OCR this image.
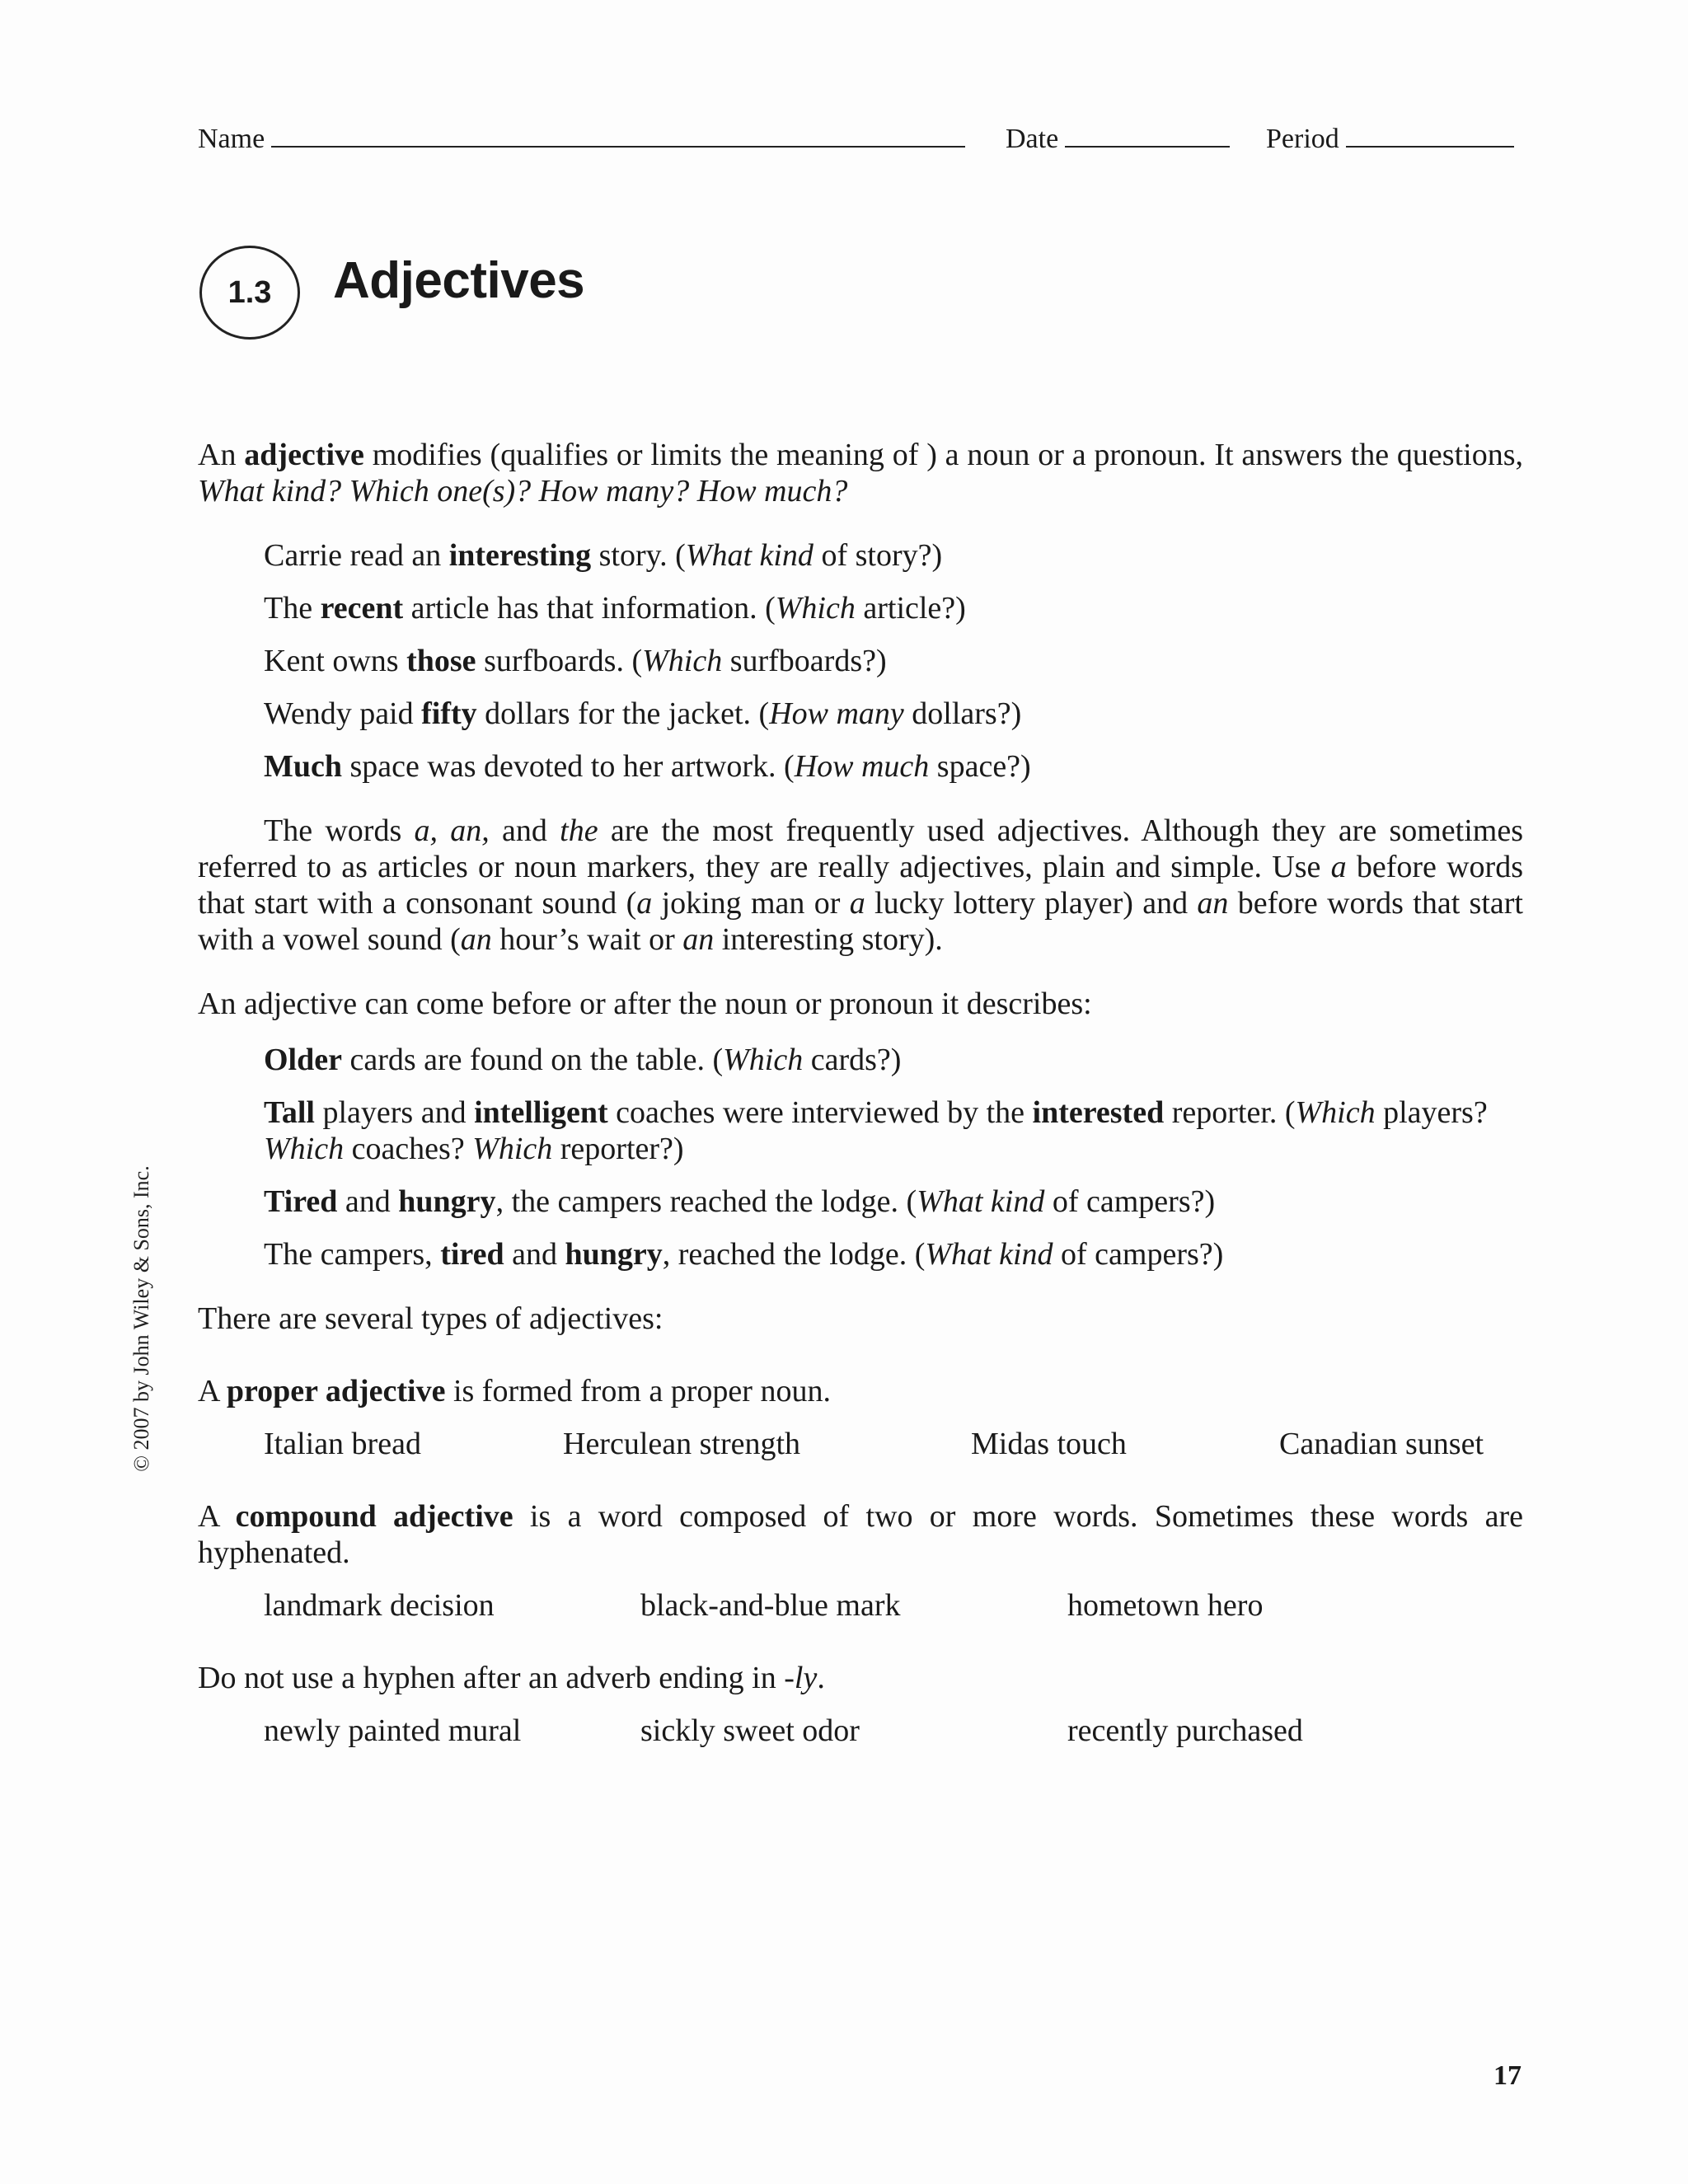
Name	Date	Period
1.3 Adjectives

An adjective modifies (qualifies or limits the meaning of ) a noun or a pronoun. It answers the questions, What kind? Which one(s)? How many? How much?

Carrie read an interesting story. (What kind of story?)

The recent article has that information. (Which article?)

Kent owns those surfboards. (Which surfboards?)

Wendy paid fifty dollars for the jacket. (How many dollars?)

Much space was devoted to her artwork. (How much space?)

The words a, an, and the are the most frequently used adjectives. Although they are sometimes referred to as articles or noun markers, they are really adjectives, plain and simple. Use a before words that start with a consonant sound (a joking man or a lucky lottery player) and an before words that start with a vowel sound (an hour’s wait or an interesting story).

An adjective can come before or after the noun or pronoun it describes:

Older cards are found on the table. (Which cards?)

Tall players and intelligent coaches were interviewed by the interested reporter. (Which players? Which coaches? Which reporter?)

Tired and hungry, the campers reached the lodge. (What kind of campers?)

The campers, tired and hungry, reached the lodge. (What kind of campers?)

There are several types of adjectives:

A proper adjective is formed from a proper noun.

Italian bread	Herculean strength	Midas touch	Canadian sunset

A compound adjective is a word composed of two or more words. Sometimes these words are hyphenated.

landmark decision	black-and-blue mark	hometown hero

Do not use a hyphen after an adverb ending in -ly.

newly painted mural	sickly sweet odor	recently purchased
© 2007 by John Wiley & Sons, Inc.
17
